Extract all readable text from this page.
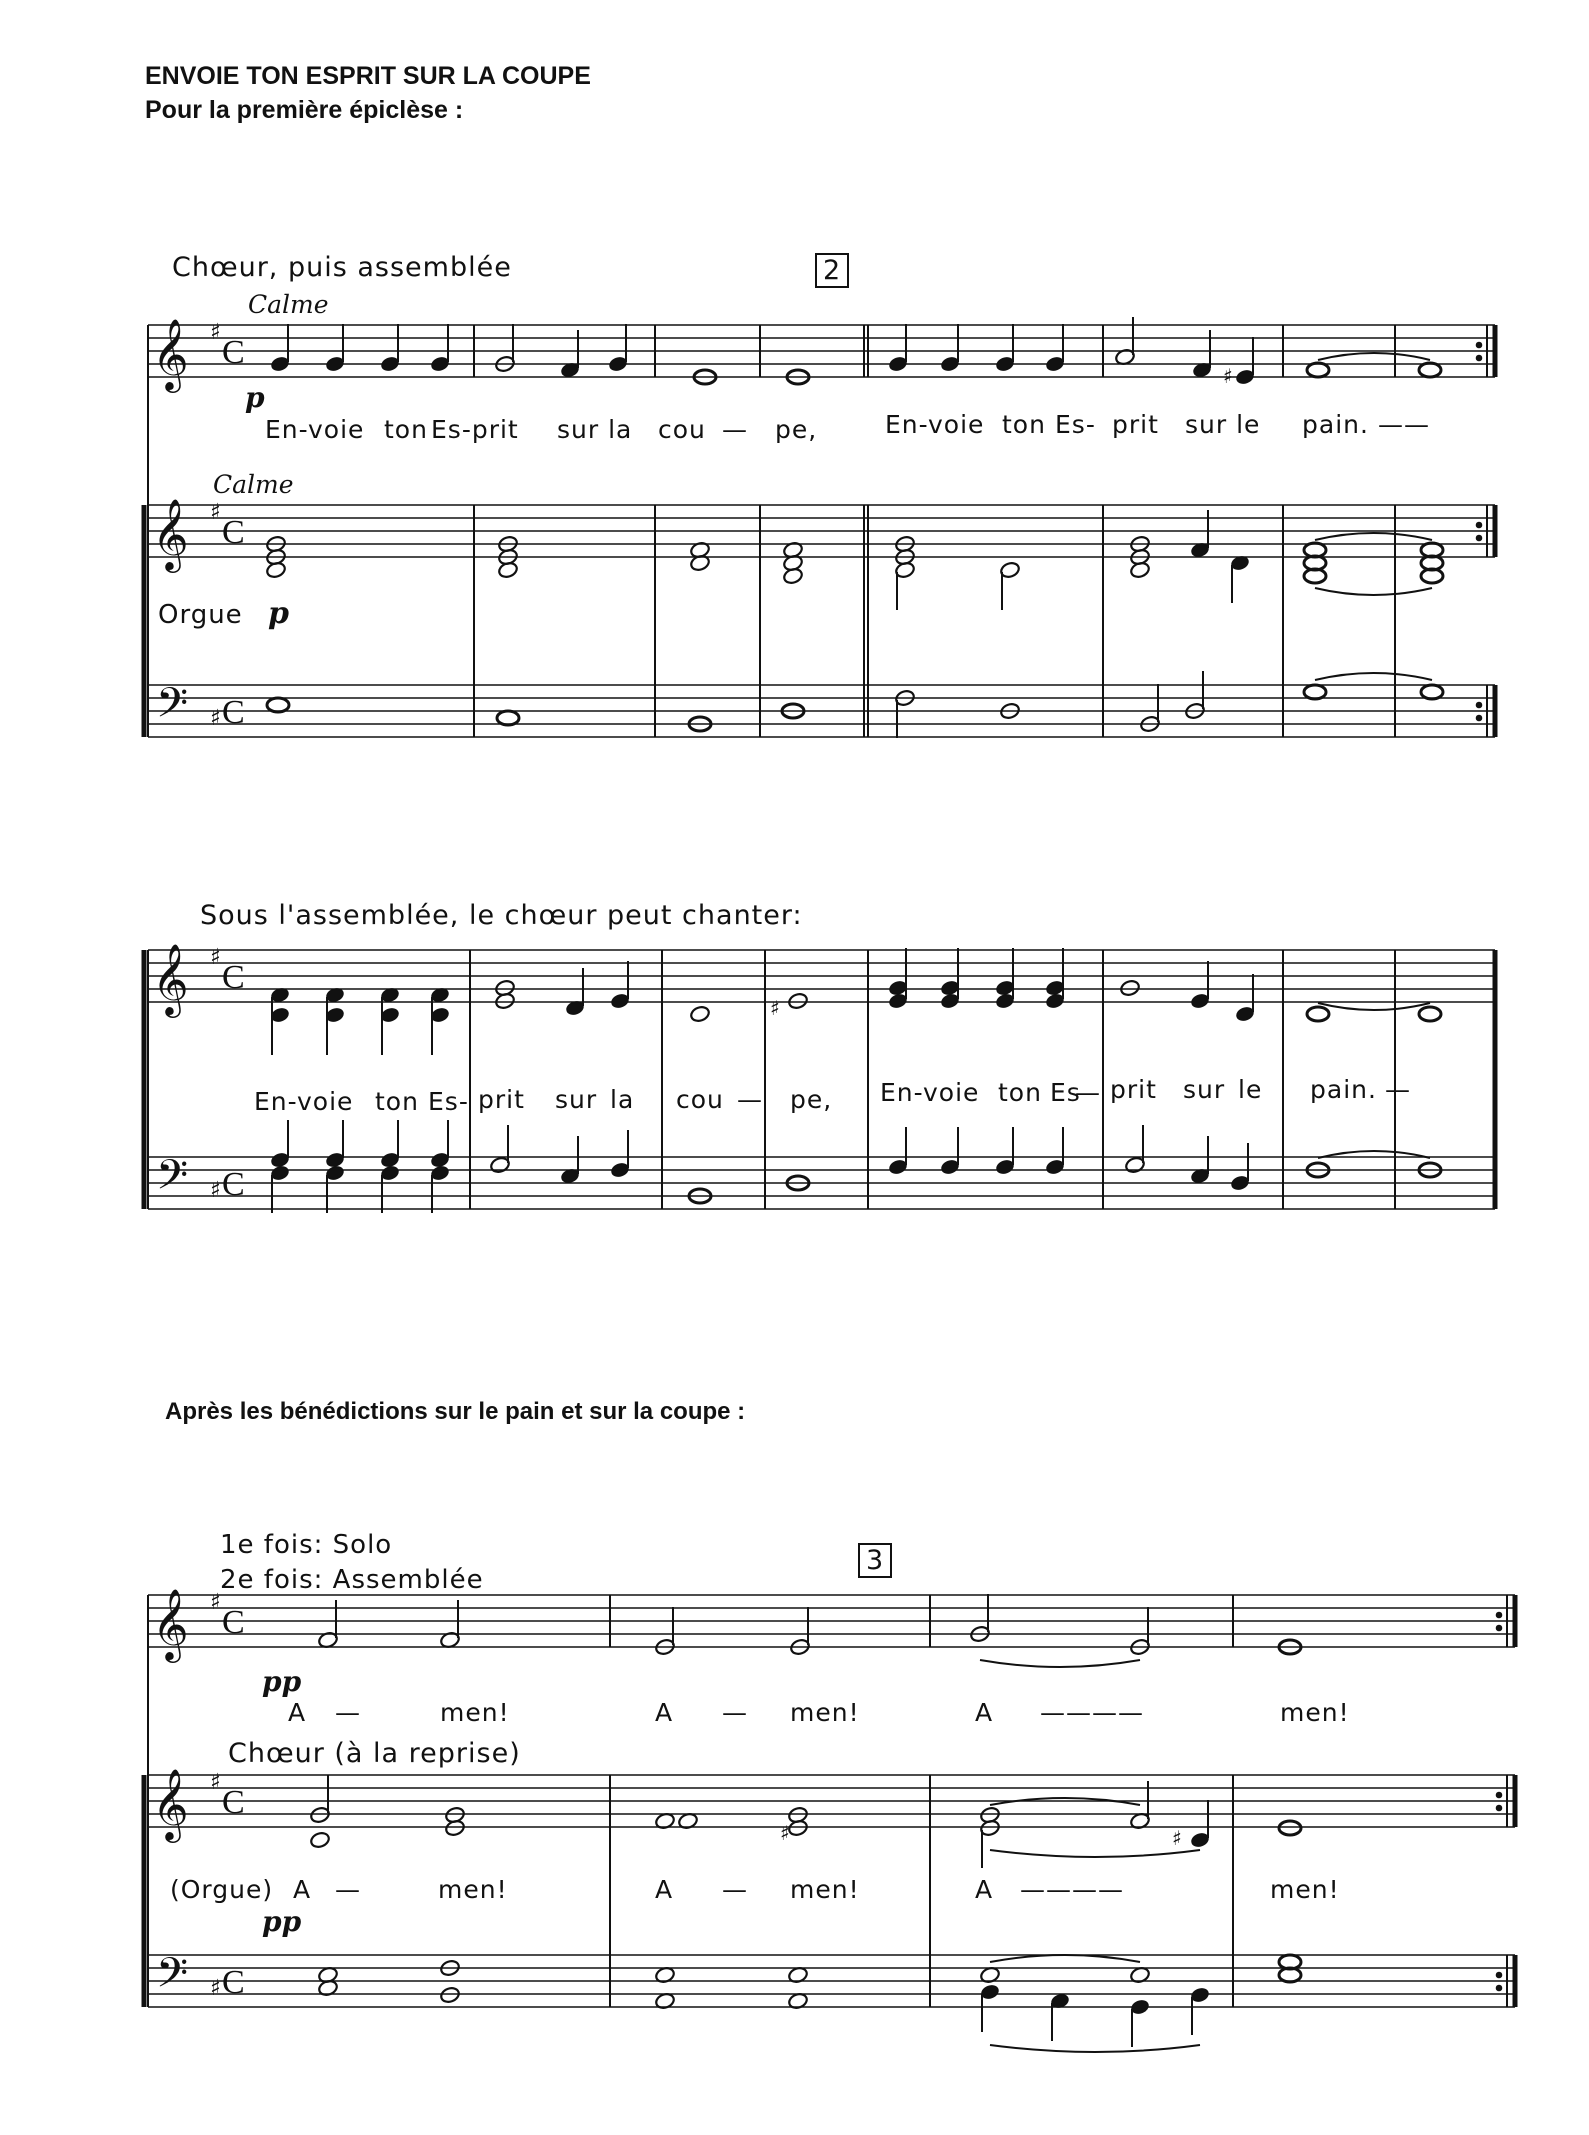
ENVOIE TON ESPRIT SUR LA COUPE
Pour la première épiclèse :
Chœur, puis assemblée
Calme
2
p
Calme
Orgue p
En-voie ton Es-prit sur la cou — pe,	En-voie ton Es- prit sur le pain. ——
Sous l'assemblée, le chœur peut chanter:
En-voie ton Es- prit sur la cou — pe, En-voie ton Es
— prit sur le pain. —
Après les bénédictions sur le pain et sur la coupe :
1e fois: Solo
2e fois: Assemblée
3
pp
A —	men!	A — men!	A ————	men!
Chœur (à la reprise)
(Orgue)
pp
A —	men!	A — men!	A ————	men!
𝄞 ♯
C
𝄞 ♯
C
𝄢 ♯ C
♯
𝄞 ♯
C
𝄢 ♯ C
♯
𝄞 ♯
C
𝄞 ♯
C
𝄢 ♯ C
♯	♯
